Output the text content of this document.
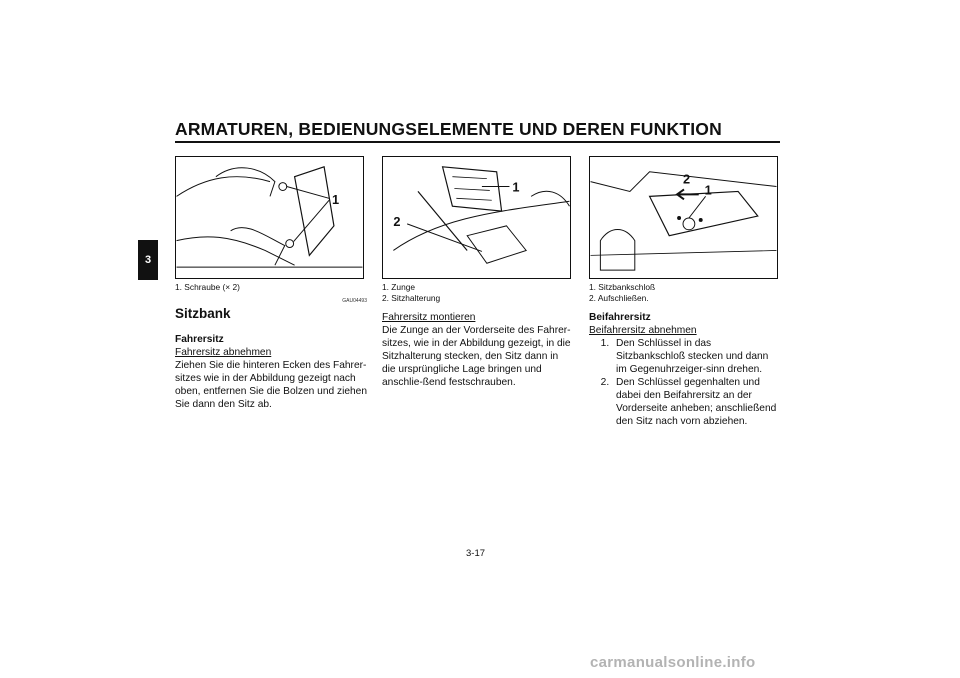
ARMATUREN, BEDIENUNGSELEMENTE UND DEREN FUNKTION
3
1
1
2
2
1

1. Schraube (× 2)

GAU04493

Sitzbank

Fahrersitz

Fahrersitz abnehmen

Ziehen Sie die hinteren Ecken des Fahrer-sitzes wie in der Abbildung gezeigt nach oben, entfernen Sie die Bolzen und ziehen Sie dann den Sitz ab.

1. Zunge

2. Sitzhalterung

Fahrersitz montieren

Die Zunge an der Vorderseite des Fahrer-sitzes, wie in der Abbildung gezeigt, in die Sitzhalterung stecken, den Sitz dann in die ursprüngliche Lage bringen und anschlie-ßend festschrauben.

1. Sitzbankschloß

2. Aufschließen.

Beifahrersitz

Beifahrersitz abnehmen

1. Den Schlüssel in das Sitzbankschloß stecken und dann im Gegenuhrzeiger-sinn drehen.
2. Den Schlüssel gegenhalten und dabei den Beifahrersitz an der Vorderseite anheben; anschließend den Sitz nach vorn abziehen.
3-17
carmanualsonline.info
